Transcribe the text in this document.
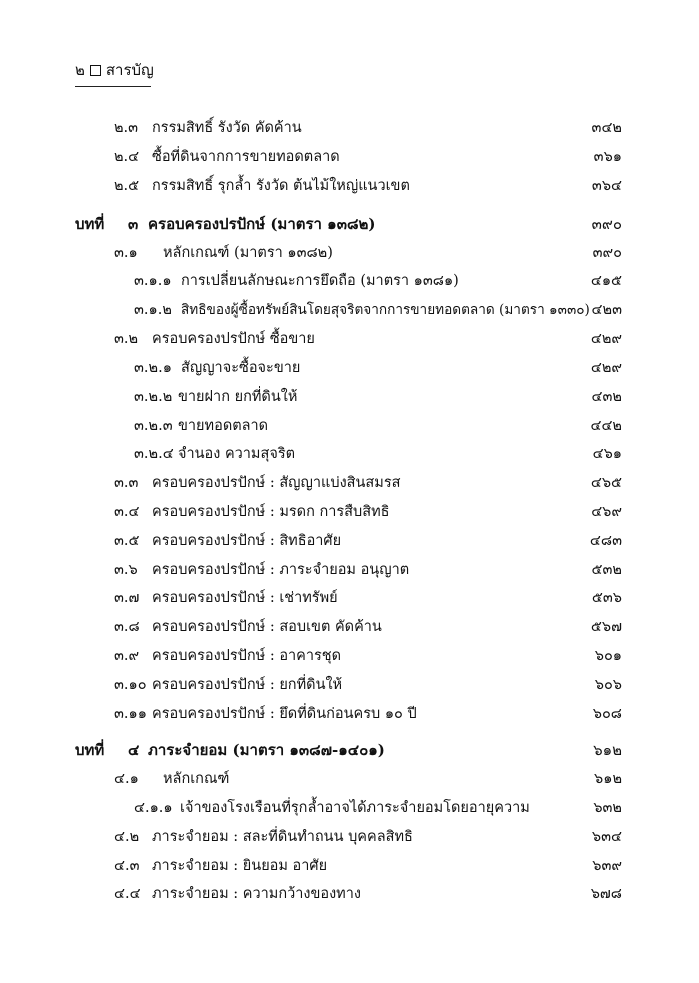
๒ สารบัญ
๒.๓ กรรมสิทธิ์ รังวัด คัดค้าน	๓๔๒
๒.๔ ซื้อที่ดินจากการขายทอดตลาด	๓๖๑
๒.๕ กรรมสิทธิ์ รุกล้ำ รังวัด ต้นไม้ใหญ่แนวเขต	๓๖๔
บทที่ ๓ ครอบครองปรปักษ์ (มาตรา ๑๓๘๒)	๓๙๐
๓.๑ หลักเกณฑ์ (มาตรา ๑๓๘๒)	๓๙๐
๓.๑.๑ การเปลี่ยนลักษณะการยึดถือ (มาตรา ๑๓๘๑)	๔๑๕
๓.๑.๒ สิทธิของผู้ซื้อทรัพย์สินโดยสุจริตจากการขายทอดตลาด (มาตรา ๑๓๓๐) ๔๒๓
๓.๒ ครอบครองปรปักษ์ ซื้อขาย	๔๒๙
๓.๒.๑ สัญญาจะซื้อจะขาย	๔๒๙
๓.๒.๒ ขายฝาก ยกที่ดินให้	๔๓๒
๓.๒.๓ ขายทอดตลาด	๔๔๒
๓.๒.๔ จำนอง ความสุจริต	๔๖๑
๓.๓ ครอบครองปรปักษ์ : สัญญาแบ่งสินสมรส	๔๖๕
๓.๔ ครอบครองปรปักษ์ : มรดก การสืบสิทธิ	๔๖๙
๓.๕ ครอบครองปรปักษ์ : สิทธิอาศัย	๔๘๓
๓.๖ ครอบครองปรปักษ์ : ภาระจำยอม อนุญาต	๕๓๒
๓.๗ ครอบครองปรปักษ์ : เช่าทรัพย์	๕๓๖
๓.๘ ครอบครองปรปักษ์ : สอบเขต คัดค้าน	๕๖๗
๓.๙ ครอบครองปรปักษ์ : อาคารชุด	๖๐๑
๓.๑๐ ครอบครองปรปักษ์ : ยกที่ดินให้	๖๐๖
๓.๑๑ ครอบครองปรปักษ์ : ยึดที่ดินก่อนครบ ๑๐ ปี	๖๐๘
บทที่ ๔ ภาระจำยอม (มาตรา ๑๓๘๗-๑๔๐๑)	๖๑๒
๔.๑ หลักเกณฑ์	๖๑๒
๔.๑.๑ เจ้าของโรงเรือนที่รุกล้ำอาจได้ภาระจำยอมโดยอายุความ	๖๓๒
๔.๒ ภาระจำยอม : สละที่ดินทำถนน บุคคลสิทธิ	๖๓๔
๔.๓ ภาระจำยอม : ยินยอม อาศัย	๖๓๙
๔.๔ ภาระจำยอม : ความกว้างของทาง	๖๗๘
